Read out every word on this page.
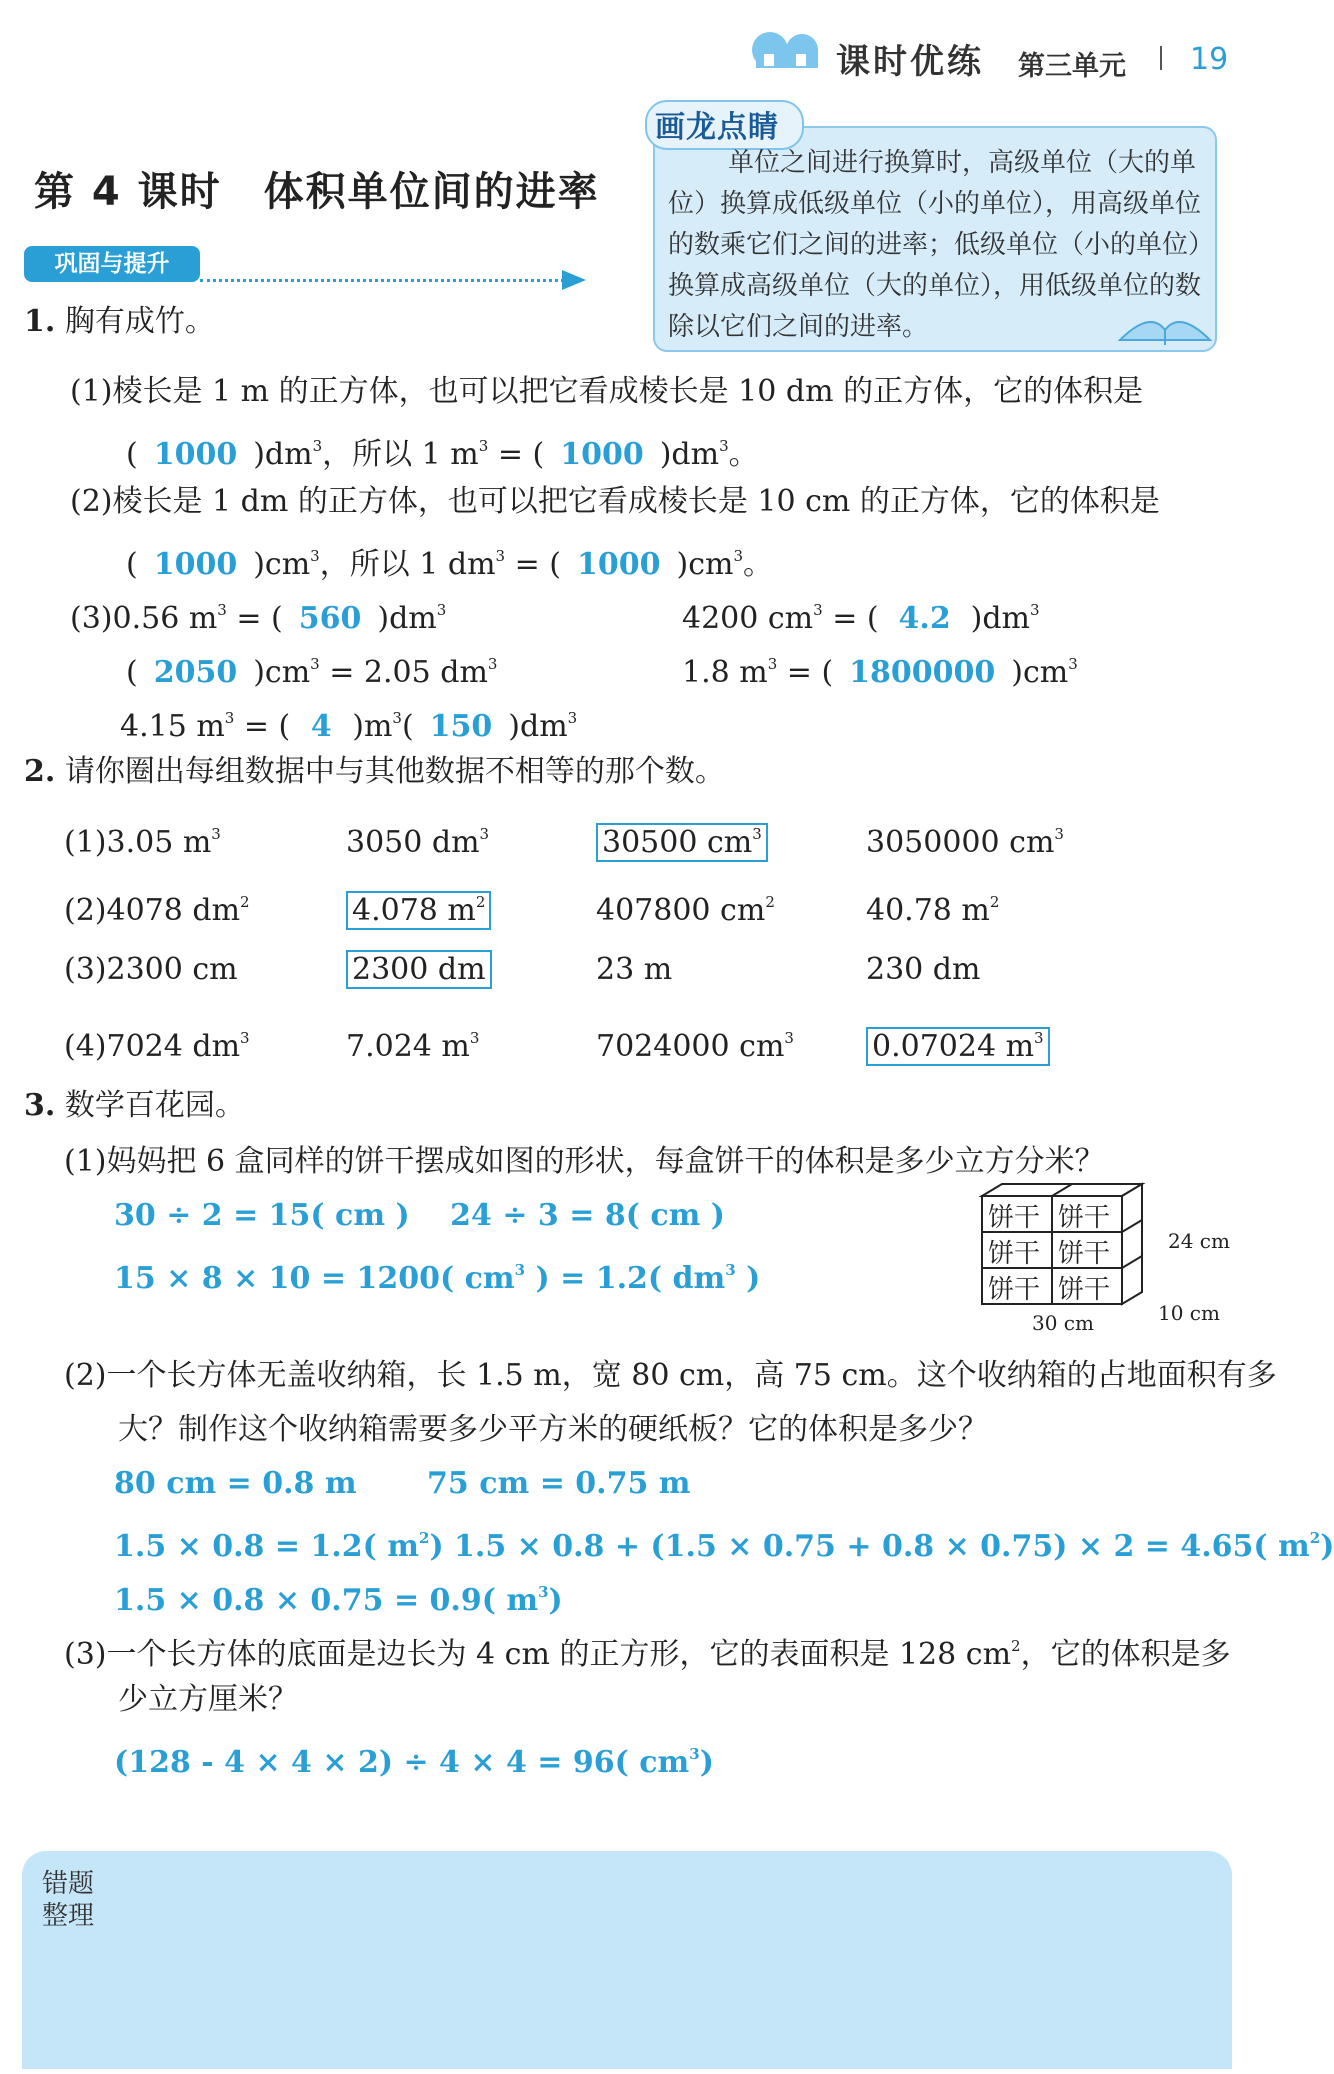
课时优练 第三单元 19
第 4 课时　体积单位间的进率
画龙点睛
单位之间进行换算时，高级单位（大的单位）换算成低级单位（小的单位），用高级单位的数乘它们之间的进率；低级单位（小的单位）换算成高级单位（大的单位），用低级单位的数除以它们之间的进率。
巩固与提升
1. 胸有成竹。
(1)棱长是 1 m 的正方体，也可以把它看成棱长是 10 dm 的正方体，它的体积是
( 1000 )$dm^3$，所以 1 $m^3$ = ( 1000 )$dm^3$。
(2)棱长是 1 dm 的正方体，也可以把它看成棱长是 10 cm 的正方体，它的体积是
( 1000 )$cm^3$，所以 1 $dm^3$ = ( 1000 )$cm^3$。
(3)0.56 $m^3$ = ( 560 )$dm^3$	4200 $cm^3$ = ( 4.2 )$dm^3$
( 2050 )$cm^3 = 2.05$ $dm^3$	1.8 $m^3$ = ( 1800000 )$cm^3$
4.15 $m^3$ = ( 4 )$m^3$( 150 )$dm^3$
2. 请你圈出每组数据中与其他数据不相等的那个数。
(1)3.05 $m^3$	3050 $dm^3$	30500 $cm^3$	3050000 $cm^3$
(2)4078 $dm^2$	4.078 $m^2$	407800 $cm^2$	40.78 $m^2$
(3)2300 cm	2300 dm	23 m	230 dm
(4)7024 $dm^3$	7.024 $m^3$	7024000 $cm^3$	0.07024 $m^3$
3. 数学百花园。
(1)妈妈把 6 盒同样的饼干摆成如图的形状，每盒饼干的体积是多少立方分米？
30 ÷ 2 = 15( cm )　 24 ÷ 3 = 8( cm )
15 × 8 × 10 = 1200( $cm^3$ ) = 1.2( $dm^3$ )
饼干 饼干
饼干 饼干
饼干 饼干
24 cm
30 cm	10 cm
(2)一个长方体无盖收纳箱，长 1.5 m，宽 80 cm，高 75 cm。这个收纳箱的占地面积有多
大？制作这个收纳箱需要多少平方米的硬纸板？它的体积是多少？
80 cm = 0.8 m　　 75 cm = 0.75 m
1.5 × 0.8 = 1.2( $m^2$) 1.5 × 0.8 + (1.5 × 0.75 + 0.8 × 0.75) × 2 = 4.65( $m^2$)
1.5 × 0.8 × 0.75 = 0.9( $m^3$)
(3)一个长方体的底面是边长为 4 cm 的正方形，它的表面积是 128 $cm^2$，它的体积是多
少立方厘米？
(128 - 4 × 4 × 2) ÷ 4 × 4 = 96( $cm^3$)
错题
整理
